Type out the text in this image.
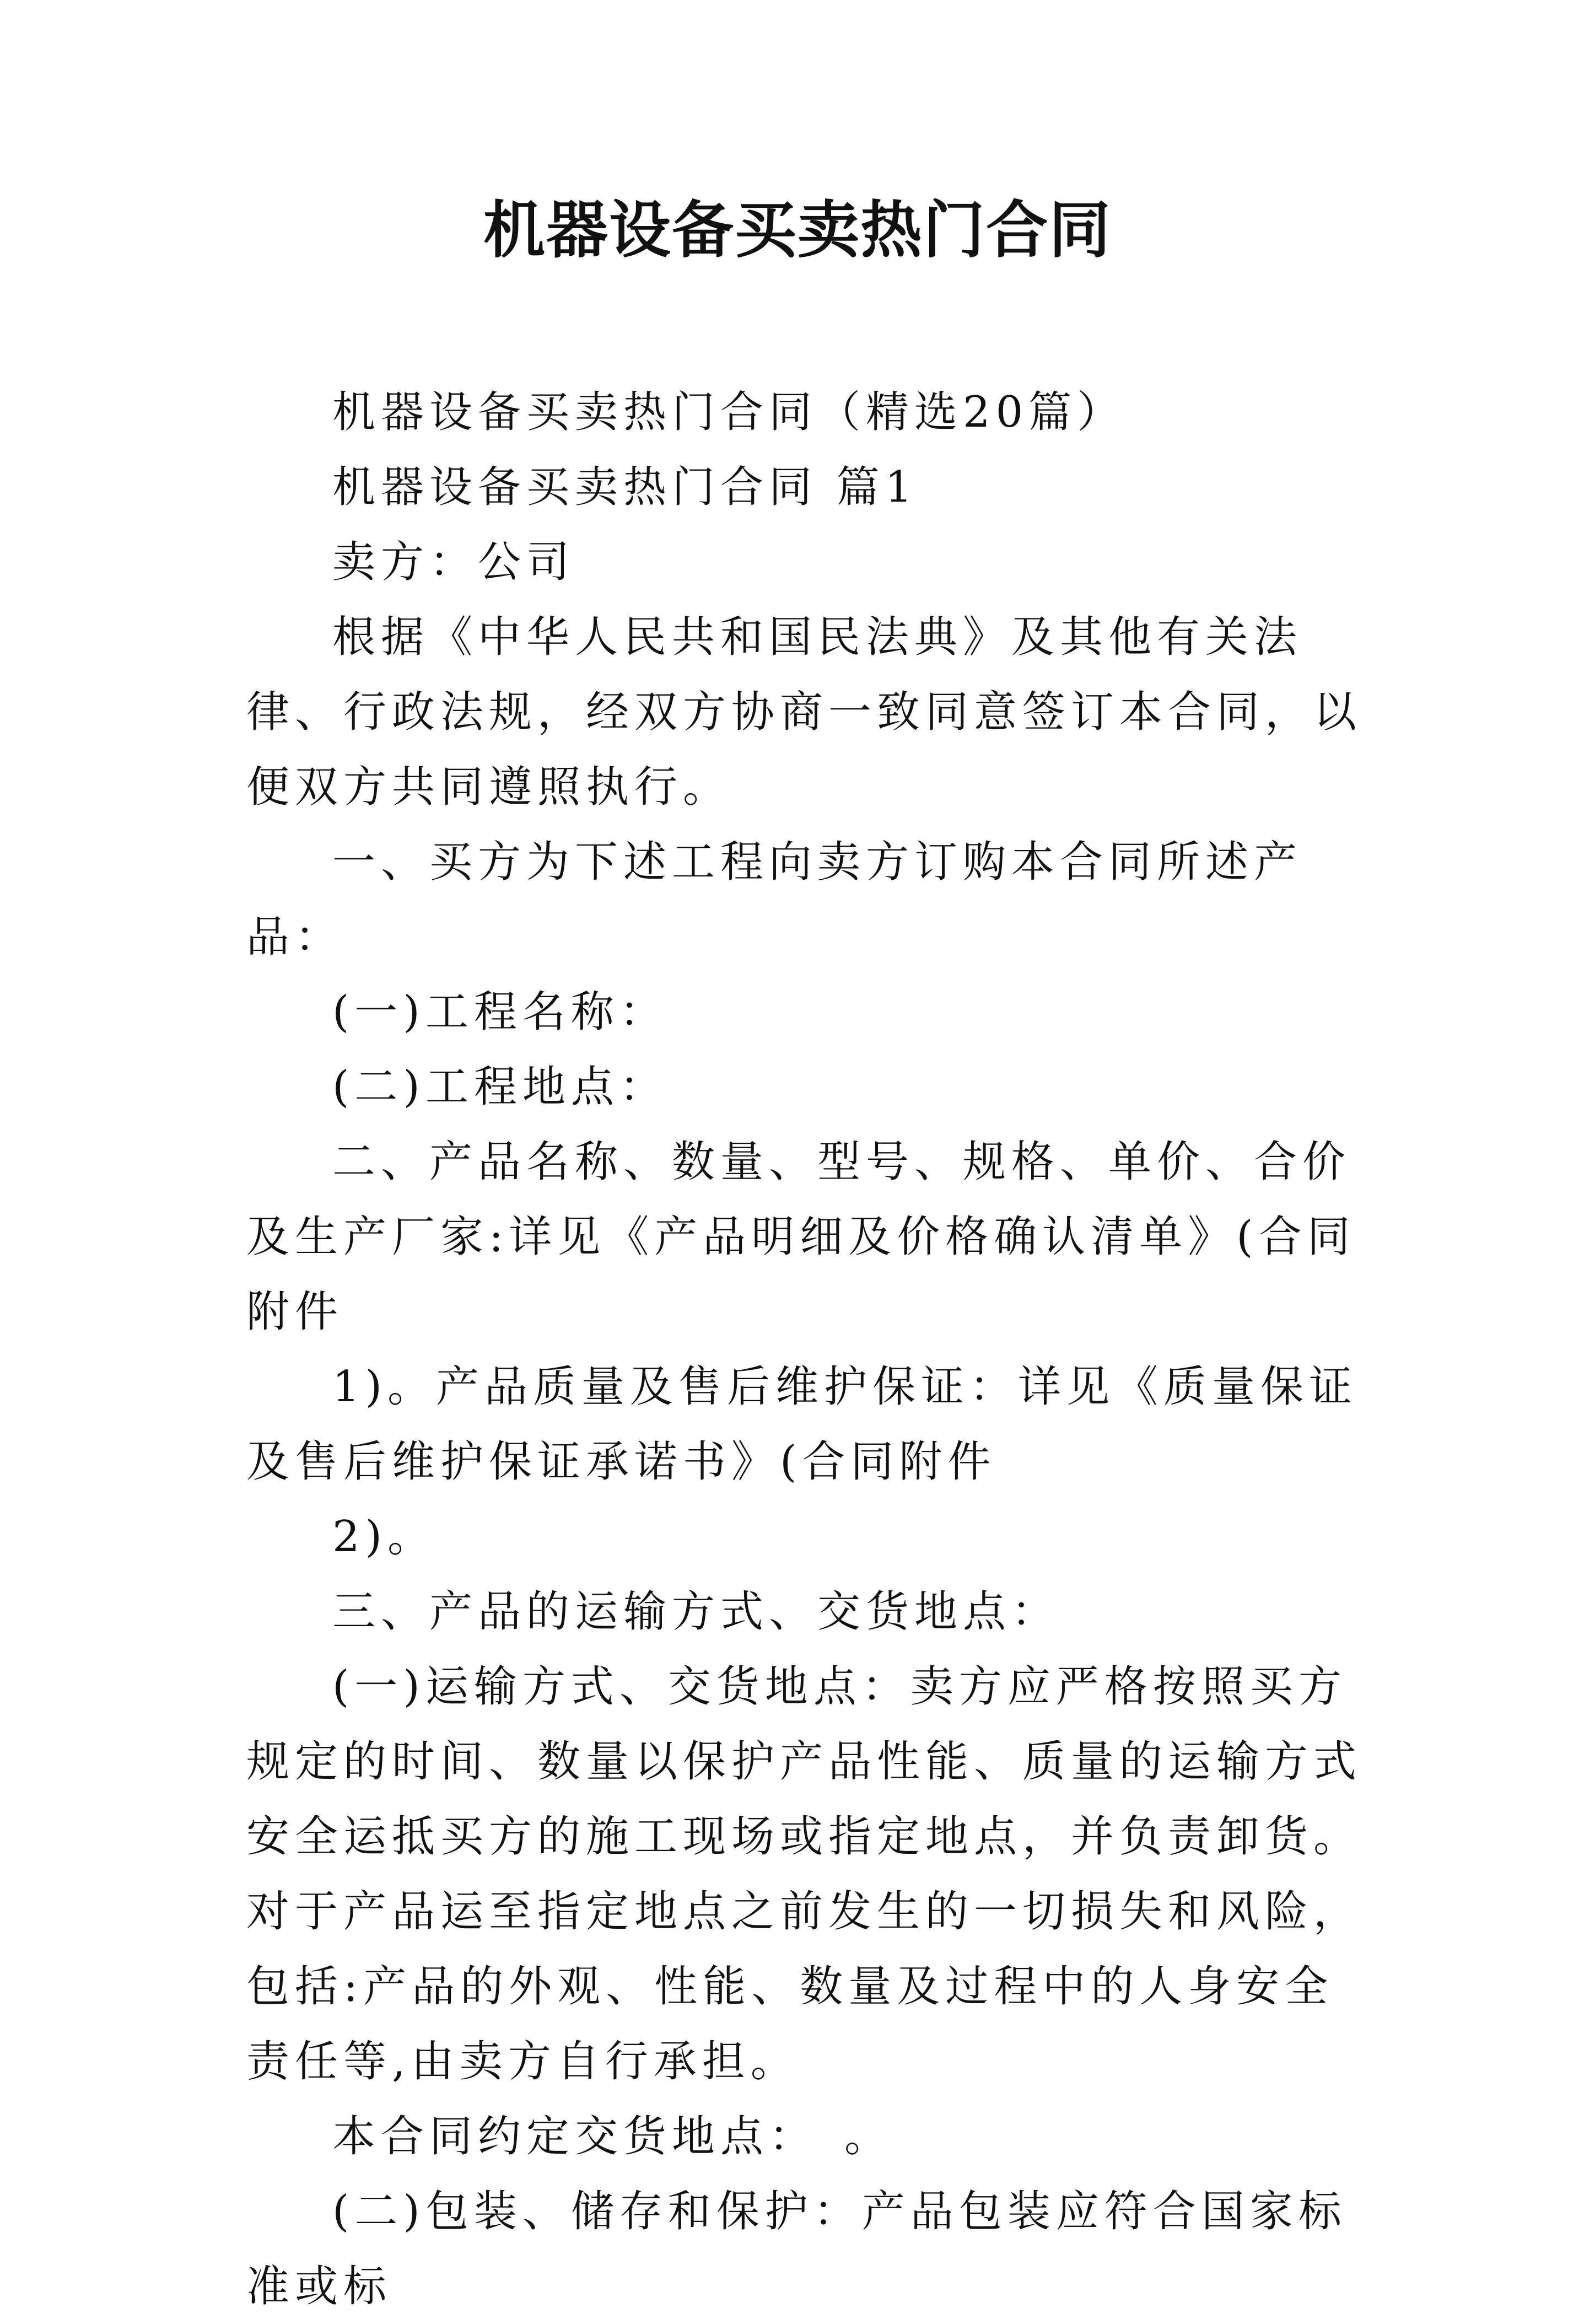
机器设备买卖热门合同

机器设备买卖热门合同（精选20篇）

机器设备买卖热门合同 篇1

卖方：公司

根据《中华人民共和国民法典》及其他有关法律、行政法规，经双方协商一致同意签订本合同，以便双方共同遵照执行。

一、买方为下述工程向卖方订购本合同所述产品：

(一)工程名称：

(二)工程地点：

二、产品名称、数量、型号、规格、单价、合价及生产厂家:详见《产品明细及价格确认清单》(合同附件

1)。产品质量及售后维护保证：详见《质量保证及售后维护保证承诺书》(合同附件

2)。

三、产品的运输方式、交货地点：

(一)运输方式、交货地点：卖方应严格按照买方规定的时间、数量以保护产品性能、质量的运输方式安全运抵买方的施工现场或指定地点，并负责卸货。对于产品运至指定地点之前发生的一切损失和风险，包括:产品的外观、性能、数量及过程中的人身安全责任等,由卖方自行承担。

本合同约定交货地点：　。

(二)包装、储存和保护：产品包装应符合国家标准或标
